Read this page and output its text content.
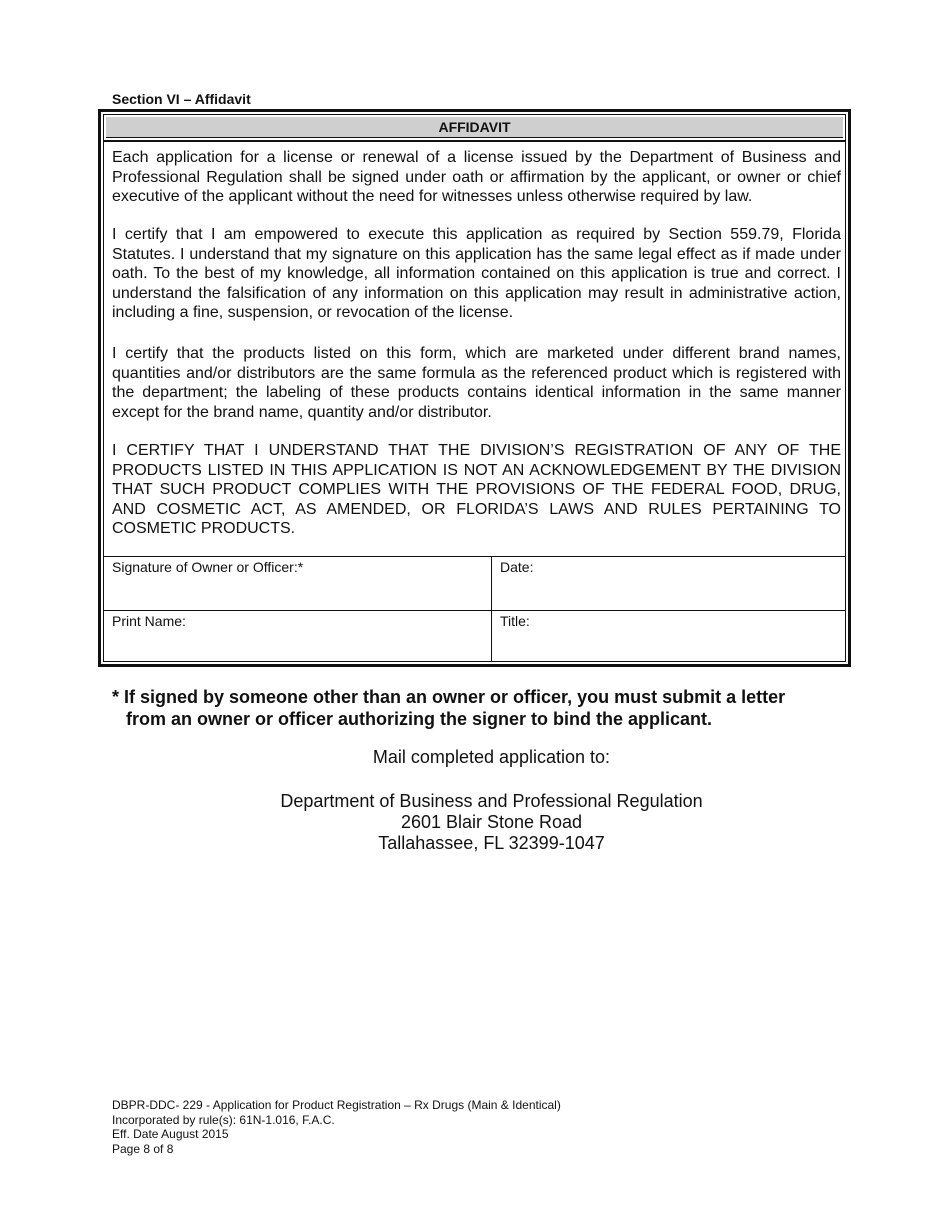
Section VI – Affidavit
AFFIDAVIT

Each application for a license or renewal of a license issued by the Department of Business and Professional Regulation shall be signed under oath or affirmation by the applicant, or owner or chief executive of the applicant without the need for witnesses unless otherwise required by law.

I certify that I am empowered to execute this application as required by Section 559.79, Florida Statutes. I understand that my signature on this application has the same legal effect as if made under oath. To the best of my knowledge, all information contained on this application is true and correct. I understand the falsification of any information on this application may result in administrative action, including a fine, suspension, or revocation of the license.

I certify that the products listed on this form, which are marketed under different brand names, quantities and/or distributors are the same formula as the referenced product which is registered with the department; the labeling of these products contains identical information in the same manner except for the brand name, quantity and/or distributor.

I CERTIFY THAT I UNDERSTAND THAT THE DIVISION’S REGISTRATION OF ANY OF THE PRODUCTS LISTED IN THIS APPLICATION IS NOT AN ACKNOWLEDGEMENT BY THE DIVISION THAT SUCH PRODUCT COMPLIES WITH THE PROVISIONS OF THE FEDERAL FOOD, DRUG, AND COSMETIC ACT, AS AMENDED, OR FLORIDA’S LAWS AND RULES PERTAINING TO COSMETIC PRODUCTS.

Signature of Owner or Officer:*	Date:
Print Name:	Title:
* If signed by someone other than an owner or officer, you must submit a letter
from an owner or officer authorizing the signer to bind the applicant.
Mail completed application to:
Department of Business and Professional Regulation
2601 Blair Stone Road
Tallahassee, FL 32399-1047
DBPR-DDC- 229 - Application for Product Registration – Rx Drugs (Main & Identical)
Incorporated by rule(s): 61N-1.016, F.A.C.
Eff. Date August 2015
Page 8 of 8
